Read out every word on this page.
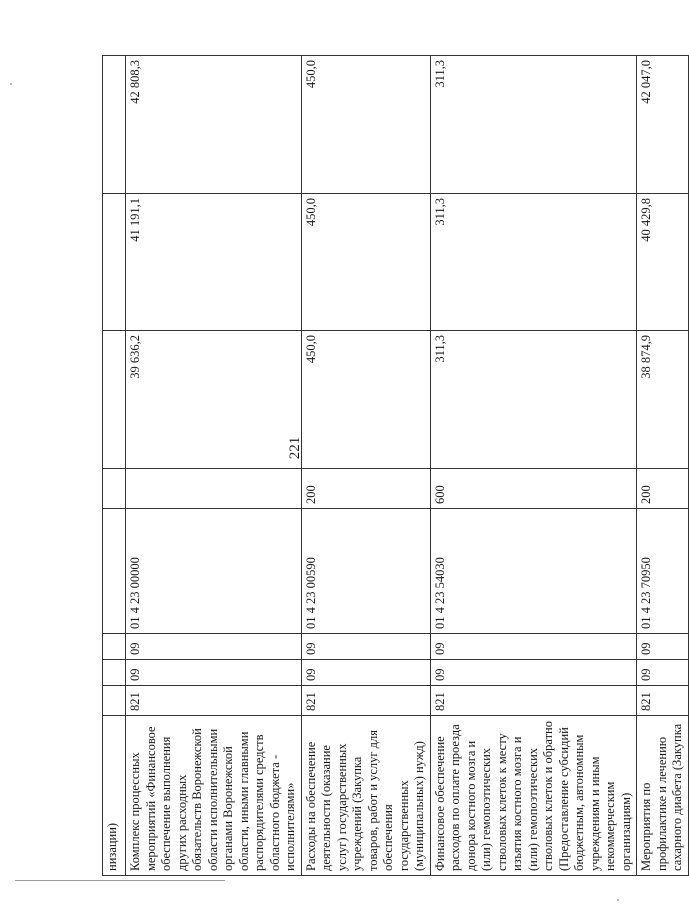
221
низации)								
Комплекс процессных мероприятий «Финансовое обеспечение выполнения других расходных обязательств Воронежской области исполнительными органами Воронежской области, иными главными распорядителями средств областного бюджета - исполнителями»	821	09	09	01 4 23 00000		39 636,2	41 191,1	42 808,3
Расходы на обеспечение деятельности (оказание услуг) государственных учреждений (Закупка товаров, работ и услуг для обеспечения государственных (муниципальных) нужд)	821	09	09	01 4 23 00590	200	450,0	450,0	450,0
Финансовое обеспечение расходов по оплате проезда донора костного мозга и (или) гемопоэтических стволовых клеток к месту изъятия костного мозга и (или) гемопоэтических стволовых клеток и обратно (Предоставление субсидий бюджетным, автономным учреждениям и иным некоммерческим организациям)	821	09	09	01 4 23 54030	600	311,3	311,3	311,3
Мероприятия по профилактике и лечению сахарного диабета (Закупка	821	09	09	01 4 23 70950	200	38 874,9	40 429,8	42 047,0
